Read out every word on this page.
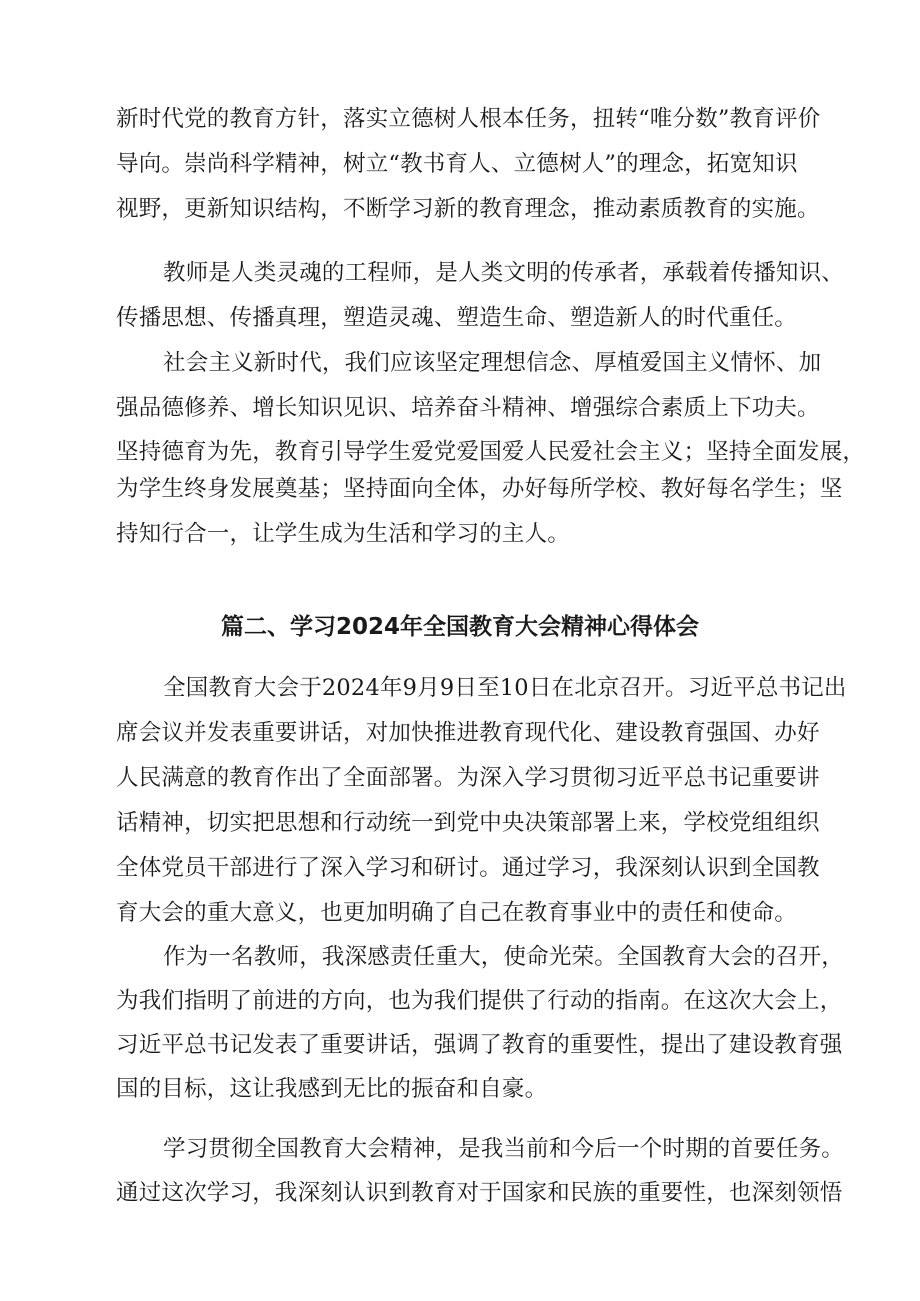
新时代党的教育方针，落实立德树人根本任务，扭转“唯分数”教育评价
导向。崇尚科学精神，树立“教书育人、立德树人”的理念，拓宽知识
视野，更新知识结构，不断学习新的教育理念，推动素质教育的实施。
教师是人类灵魂的工程师，是人类文明的传承者，承载着传播知识、
传播思想、传播真理，塑造灵魂、塑造生命、塑造新人的时代重任。
社会主义新时代，我们应该坚定理想信念、厚植爱国主义情怀、加
强品德修养、增长知识见识、培养奋斗精神、增强综合素质上下功夫。
坚持德育为先，教育引导学生爱党爱国爱人民爱社会主义；坚持全面发展，
为学生终身发展奠基；坚持面向全体，办好每所学校、教好每名学生；坚
持知行合一，让学生成为生活和学习的主人。
篇二、学习2024年全国教育大会精神心得体会
全国教育大会于2024年9月9日至10日在北京召开。习近平总书记出
席会议并发表重要讲话，对加快推进教育现代化、建设教育强国、办好
人民满意的教育作出了全面部署。为深入学习贯彻习近平总书记重要讲
话精神，切实把思想和行动统一到党中央决策部署上来，学校党组组织
全体党员干部进行了深入学习和研讨。通过学习，我深刻认识到全国教
育大会的重大意义，也更加明确了自己在教育事业中的责任和使命。
作为一名教师，我深感责任重大，使命光荣。全国教育大会的召开，
为我们指明了前进的方向，也为我们提供了行动的指南。在这次大会上，
习近平总书记发表了重要讲话，强调了教育的重要性，提出了建设教育强
国的目标，这让我感到无比的振奋和自豪。
学习贯彻全国教育大会精神，是我当前和今后一个时期的首要任务。
通过这次学习，我深刻认识到教育对于国家和民族的重要性，也深刻领悟
